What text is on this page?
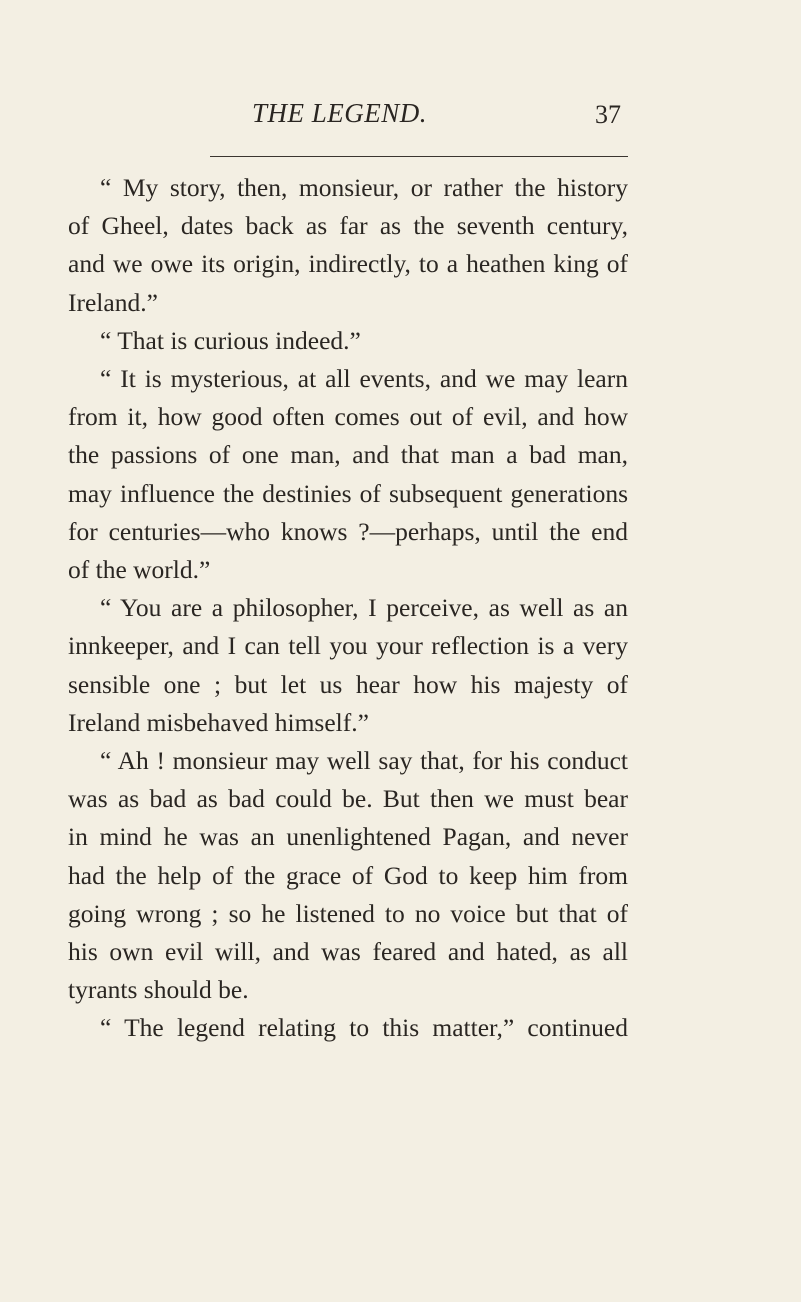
THE LEGEND.	37
“ My story, then, monsieur, or rather the history
of Gheel, dates back as far as the seventh century,
and we owe its origin, indirectly, to a heathen king of
Ireland.”
“ That is curious indeed.”
“ It is mysterious, at all events, and we may learn
from it, how good often comes out of evil, and how
the passions of one man, and that man a bad man,
may influence the destinies of subsequent generations
for centuries—who knows ?—perhaps, until the end
of the world.”
“ You are a philosopher, I perceive, as well as an
innkeeper, and I can tell you your reflection is a very
sensible one ; but let us hear how his majesty of
Ireland misbehaved himself.”
“ Ah ! monsieur may well say that, for his conduct
was as bad as bad could be. But then we must bear
in mind he was an unenlightened Pagan, and never
had the help of the grace of God to keep him from
going wrong ; so he listened to no voice but that of
his own evil will, and was feared and hated, as all
tyrants should be.
“ The legend relating to this matter,” continued
